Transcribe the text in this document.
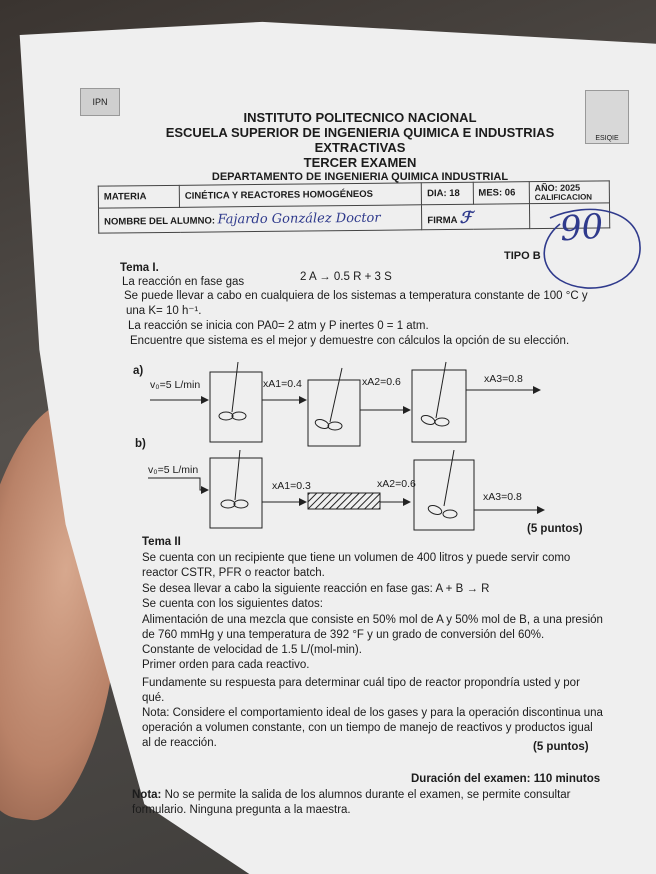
IPN
ESIQIE
INSTITUTO POLITECNICO NACIONAL
ESCUELA SUPERIOR DE INGENIERIA QUIMICA E INDUSTRIAS
EXTRACTIVAS
TERCER EXAMEN
DEPARTAMENTO DE INGENIERIA QUIMICA INDUSTRIAL
MATERIA	CINÉTICA Y REACTORES HOMOGÉNEOS	DIA: 18	MES: 06	AÑO: 2025
CALIFICACION

NOMBRE DEL ALUMNO: Fajardo González Doctor		FIRMA ℱ			90
TIPO B
Tema I.
La reacción en fase gas	2 A → 0.5 R + 3 S
Se puede llevar a cabo en cualquiera de los sistemas a temperatura constante de 100 °C y
una K= 10 h⁻¹.
La reacción se inicia con PA0= 2 atm y P inertes 0 = 1 atm.
Encuentre que sistema es el mejor y demuestre con cálculos la opción de su elección.
a)
v₀=5 L/min	xA1=0.4	xA2=0.6	xA3=0.8
b)
v₀=5 L/min
xA1=0.3	xA2=0.6
xA3=0.8
(5 puntos)
Tema II
Se cuenta con un recipiente que tiene un volumen de 400 litros y puede servir como
reactor CSTR, PFR o reactor batch.
Se desea llevar a cabo la siguiente reacción en fase gas: A + B → R
Se cuenta con los siguientes datos:
Alimentación de una mezcla que consiste en 50% mol de A y 50% mol de B, a una presión
de 760 mmHg y una temperatura de 392 °F y un grado de conversión del 60%.
Constante de velocidad de 1.5 L/(mol-min).
Primer orden para cada reactivo.
Fundamente su respuesta para determinar cuál tipo de reactor propondría usted y por
qué.
Nota: Considere el comportamiento ideal de los gases y para la operación discontinua una
operación a volumen constante, con un tiempo de manejo de reactivos y productos igual
al de reacción.	(5 puntos)
Duración del examen: 110 minutos
Nota: No se permite la salida de los alumnos durante el examen, se permite consultar
formulario. Ninguna pregunta a la maestra.
